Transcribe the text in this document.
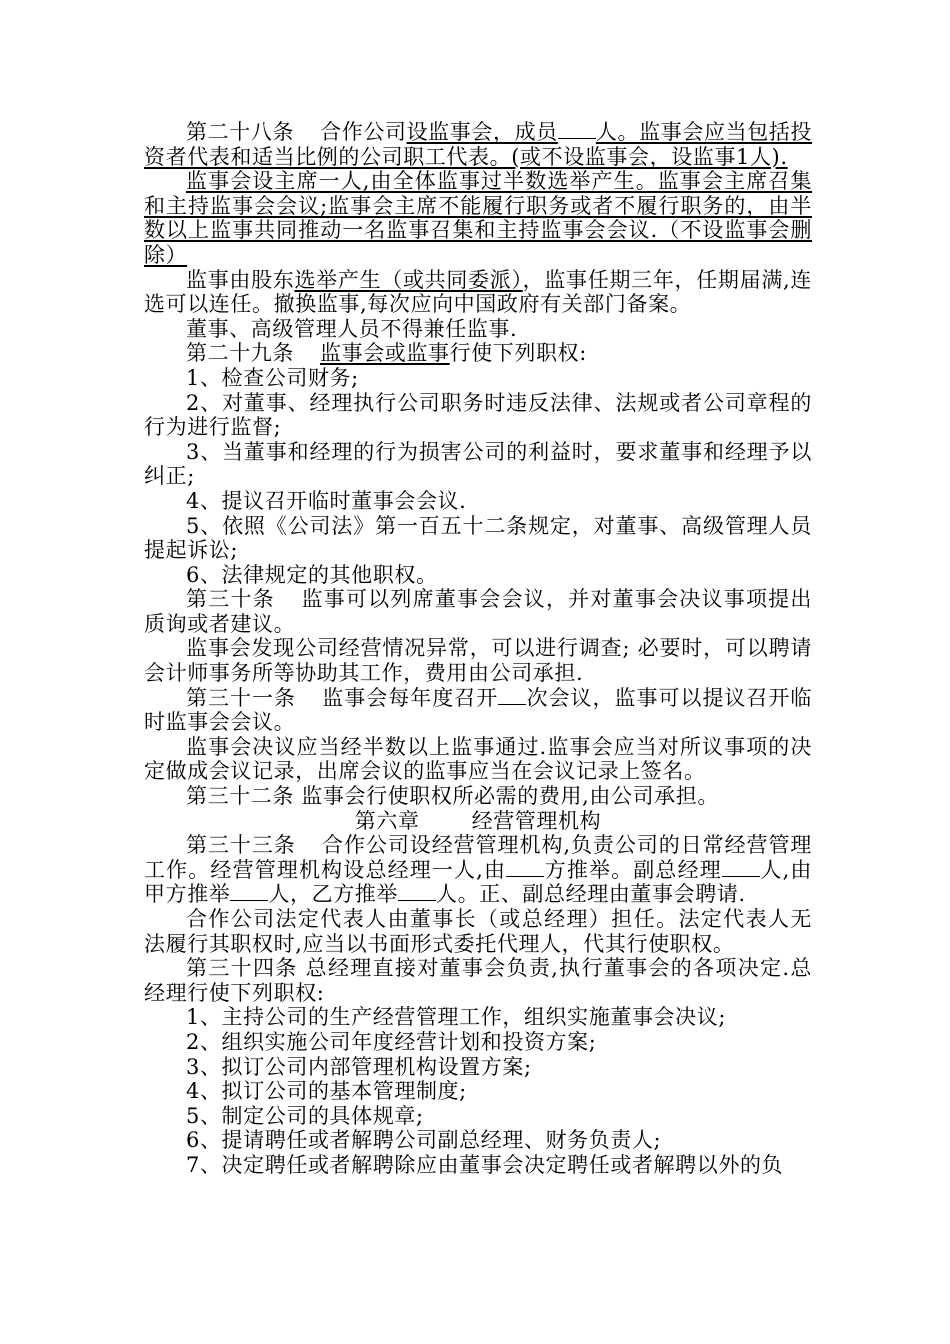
第二十八条 合作公司设监事会，成员 人。监事会应当包括投资者代表和适当比例的公司职工代表。(或不设监事会，设监事1人).

监事会设主席一人,由全体监事过半数选举产生。监事会主席召集和主持监事会会议;监事会主席不能履行职务或者不履行职务的，由半数以上监事共同推动一名监事召集和主持监事会会议.（不设监事会删除）

监事由股东选举产生（或共同委派），监事任期三年，任期届满,连选可以连任。撤换监事,每次应向中国政府有关部门备案。

董事、高级管理人员不得兼任监事.

第二十九条 监事会或监事行使下列职权:

1、检查公司财务;

2、对董事、经理执行公司职务时违反法律、法规或者公司章程的行为进行监督;

3、当董事和经理的行为损害公司的利益时，要求董事和经理予以纠正;

4、提议召开临时董事会会议.

5、依照《公司法》第一百五十二条规定，对董事、高级管理人员提起诉讼;

6、法律规定的其他职权。

第三十条 监事可以列席董事会会议，并对董事会决议事项提出质询或者建议。

监事会发现公司经营情况异常，可以进行调查; 必要时，可以聘请会计师事务所等协助其工作，费用由公司承担.

第三十一条 监事会每年度召开 次会议，监事可以提议召开临时监事会会议。

监事会决议应当经半数以上监事通过.监事会应当对所议事项的决定做成会议记录，出席会议的监事应当在会议记录上签名。

第三十二条 监事会行使职权所必需的费用,由公司承担。

第六章 经营管理机构

第三十三条 合作公司设经营管理机构,负责公司的日常经营管理工作。经营管理机构设总经理一人,由 方推举。副总经理 人,由甲方推举 人，乙方推举 人。正、副总经理由董事会聘请.

合作公司法定代表人由董事长（或总经理）担任。法定代表人无法履行其职权时,应当以书面形式委托代理人，代其行使职权。

第三十四条 总经理直接对董事会负责,执行董事会的各项决定.总经理行使下列职权:

1、主持公司的生产经营管理工作，组织实施董事会决议;

2、组织实施公司年度经营计划和投资方案;

3、拟订公司内部管理机构设置方案;

4、拟订公司的基本管理制度;

5、制定公司的具体规章;

6、提请聘任或者解聘公司副总经理、财务负责人;

7、决定聘任或者解聘除应由董事会决定聘任或者解聘以外的负
